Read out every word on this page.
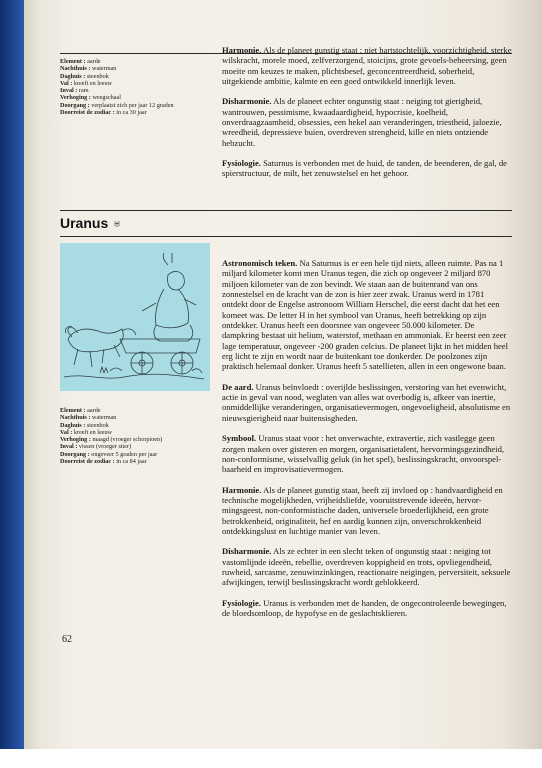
Element : aarde
Nachthuis : waterman
Daghuis : steenbok
Val : kreeft en leeuw
Inval : ram
Verhoging : weegschaal
Doorgang : verplaatst zich per jaar 12 graden
Doorreist de zodiac : in ca 30 jaar

Harmonie. Als de planeet gunstig staat : niet hartstochtelijk, voorzichtigheid, sterke wilskracht, morele moed, zelfverzorgend, stoicijns, grote gevoels-beheersing, geen moeite om keuzes te maken, plichtsbesef, geconcentreerdheid, soberheid, uitgekiende ambitie, kalmte en een goed ontwikkeld innerlijk leven.

Disharmonie. Als de planeet echter ongunstig staat : neiging tot gierigheid, wantrouwen, pessimisme, kwaadaardigheid, hypocrisie, koelheid, onverdraagzaamheid, obsessies, een hekel aan veranderingen, triestheid, jaloezie, wreedheid, depressieve buien, overdreven strengheid, kille en niets ontziende hebzucht.

Fysiologie. Saturnus is verbonden met de huid, de tanden, de beenderen, de gal, de spierstructuur, de milt, het zenuwstelsel en het gehoor.

Uranus ♅
Element : aarde
Nachthuis : waterman
Daghuis : steenbok
Val : kreeft en leeuw
Verhoging : maagd (vroeger schorpioen)
Inval : vissen (vroeger stier)
Doorgang : ongeveer 5 graden per jaar
Doorreist de zodiac : in ca 84 jaar

Astronomisch teken. Na Saturnus is er een hele tijd niets, alleen ruimte. Pas na 1 miljard kilometer komt men Uranus tegen, die zich op ongeveer 2 miljard 870 miljoen kilometer van de zon bevindt. We staan aan de buitenrand van ons zonnestelsel en de kracht van de zon is hier zeer zwak. Uranus werd in 1781 ontdekt door de Engelse astronoom William Herschel, die eerst dacht dat het een komeet was. De letter H in het symbool van Uranus, heeft betrekking op zijn ontdekker. Uranus heeft een doorsnee van ongeveer 50.000 kilometer. De dampkring bestaat uit helium, waterstof, methaan en ammoniak. Er heerst een zeer lage temperatuur, ongeveer -200 graden celcius. De planeet lijkt in het midden heel erg licht te zijn en wordt naar de buitenkant toe donkerder. De poolzones zijn praktisch helemaal donker. Uranus heeft 5 satellieten, allen in een ongewone baan.

De aard. Uranus beïnvloedt : overijlde beslissingen, verstoring van het evenwicht, actie in geval van nood, weglaten van alles wat overbodig is, afkeer van inertie, onmiddellijke veranderingen, organisatievermogen, ongevoeligheid, absolutisme en nieuwsgierigheid naar buitensisgheden.

Symbool. Uranus staat voor : het onverwachte, extravertie, zich vastlegge geen zorgen maken over gisteren en morgen, organisatietalent, hervormingsgezindheid, non-conformisme, wisselvallig geluk (in het spel), beslissingskracht, onvoorspel-baarheid en improvisatievermogen.

Harmonie. Als de planeet gunstig staat, heeft zij invloed op : handvaardigheid en technische mogelijkheden, vrijheidsliefde, vooruitstrevende ideeën, hervor-mingsgeest, non-conformistische daden, universele broederlijkheid, een grote betrokkenheid, originaliteit, hef en aardig kunnen zijn, onverschrokkenheid ontdekkingslust en luchtige manier van leven.

Disharmonie. Als ze echter in een slecht teken of ongunstig staat : neiging tot vastomlijnde ideeën, rebellie, overdreven koppigheid en trots, opvliegendheid, ruwheid, sarcasme, zenuwinzinkingen, reactionaire neigingen, perversiteit, seksuele afwijkingen, terwijl beslissingskracht wordt geblokkeerd.

Fysiologie. Uranus is verbonden met de handen, de ongecontroleerde bewegingen, de bloedsomloop, de hypofyse en de geslachtsklieren.

62
